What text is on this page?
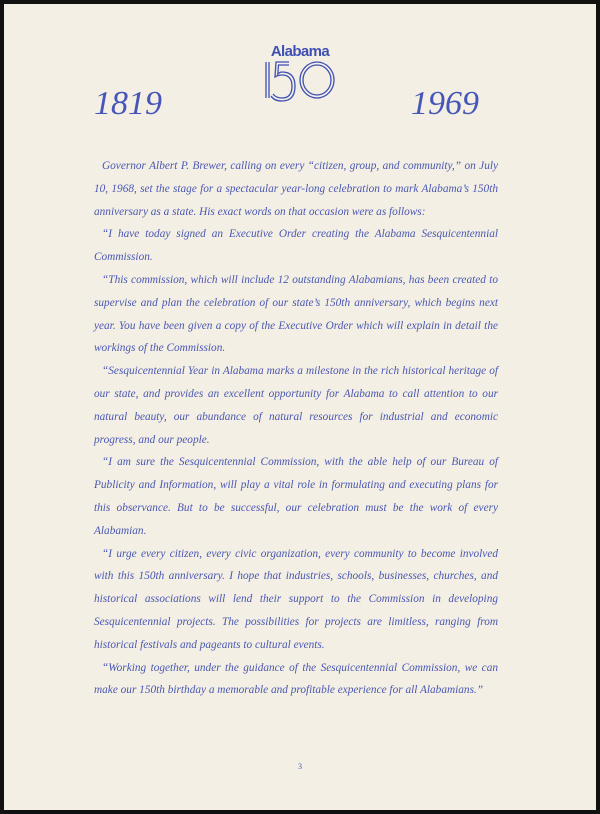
Alabama
1819	1969

Governor Albert P. Brewer, calling on every “citizen, group, and community,” on July 10, 1968, set the stage for a spectacular year-long celebration to mark Alabama’s 150th anniversary as a state. His exact words on that occasion were as follows:

“I have today signed an Executive Order creating the Alabama Sesquicentennial Commission.

“This commission, which will include 12 outstanding Alabamians, has been created to supervise and plan the celebration of our state’s 150th anniversary, which begins next year. You have been given a copy of the Executive Order which will explain in detail the workings of the Commission.

“Sesquicentennial Year in Alabama marks a milestone in the rich historical heritage of our state, and provides an excellent opportunity for Alabama to call attention to our natural beauty, our abundance of natural resources for industrial and economic progress, and our people.

“I am sure the Sesquicentennial Commission, with the able help of our Bureau of Publicity and Information, will play a vital role in formulating and executing plans for this observance. But to be successful, our celebration must be the work of every Alabamian.

“I urge every citizen, every civic organization, every community to become involved with this 150th anniversary. I hope that industries, schools, businesses, churches, and historical associations will lend their support to the Commission in developing Sesquicentennial projects. The possibilities for projects are limitless, ranging from historical festivals and pageants to cultural events.

“Working together, under the guidance of the Sesquicentennial Commission, we can make our 150th birthday a memorable and profitable experience for all Alabamians.”

3
